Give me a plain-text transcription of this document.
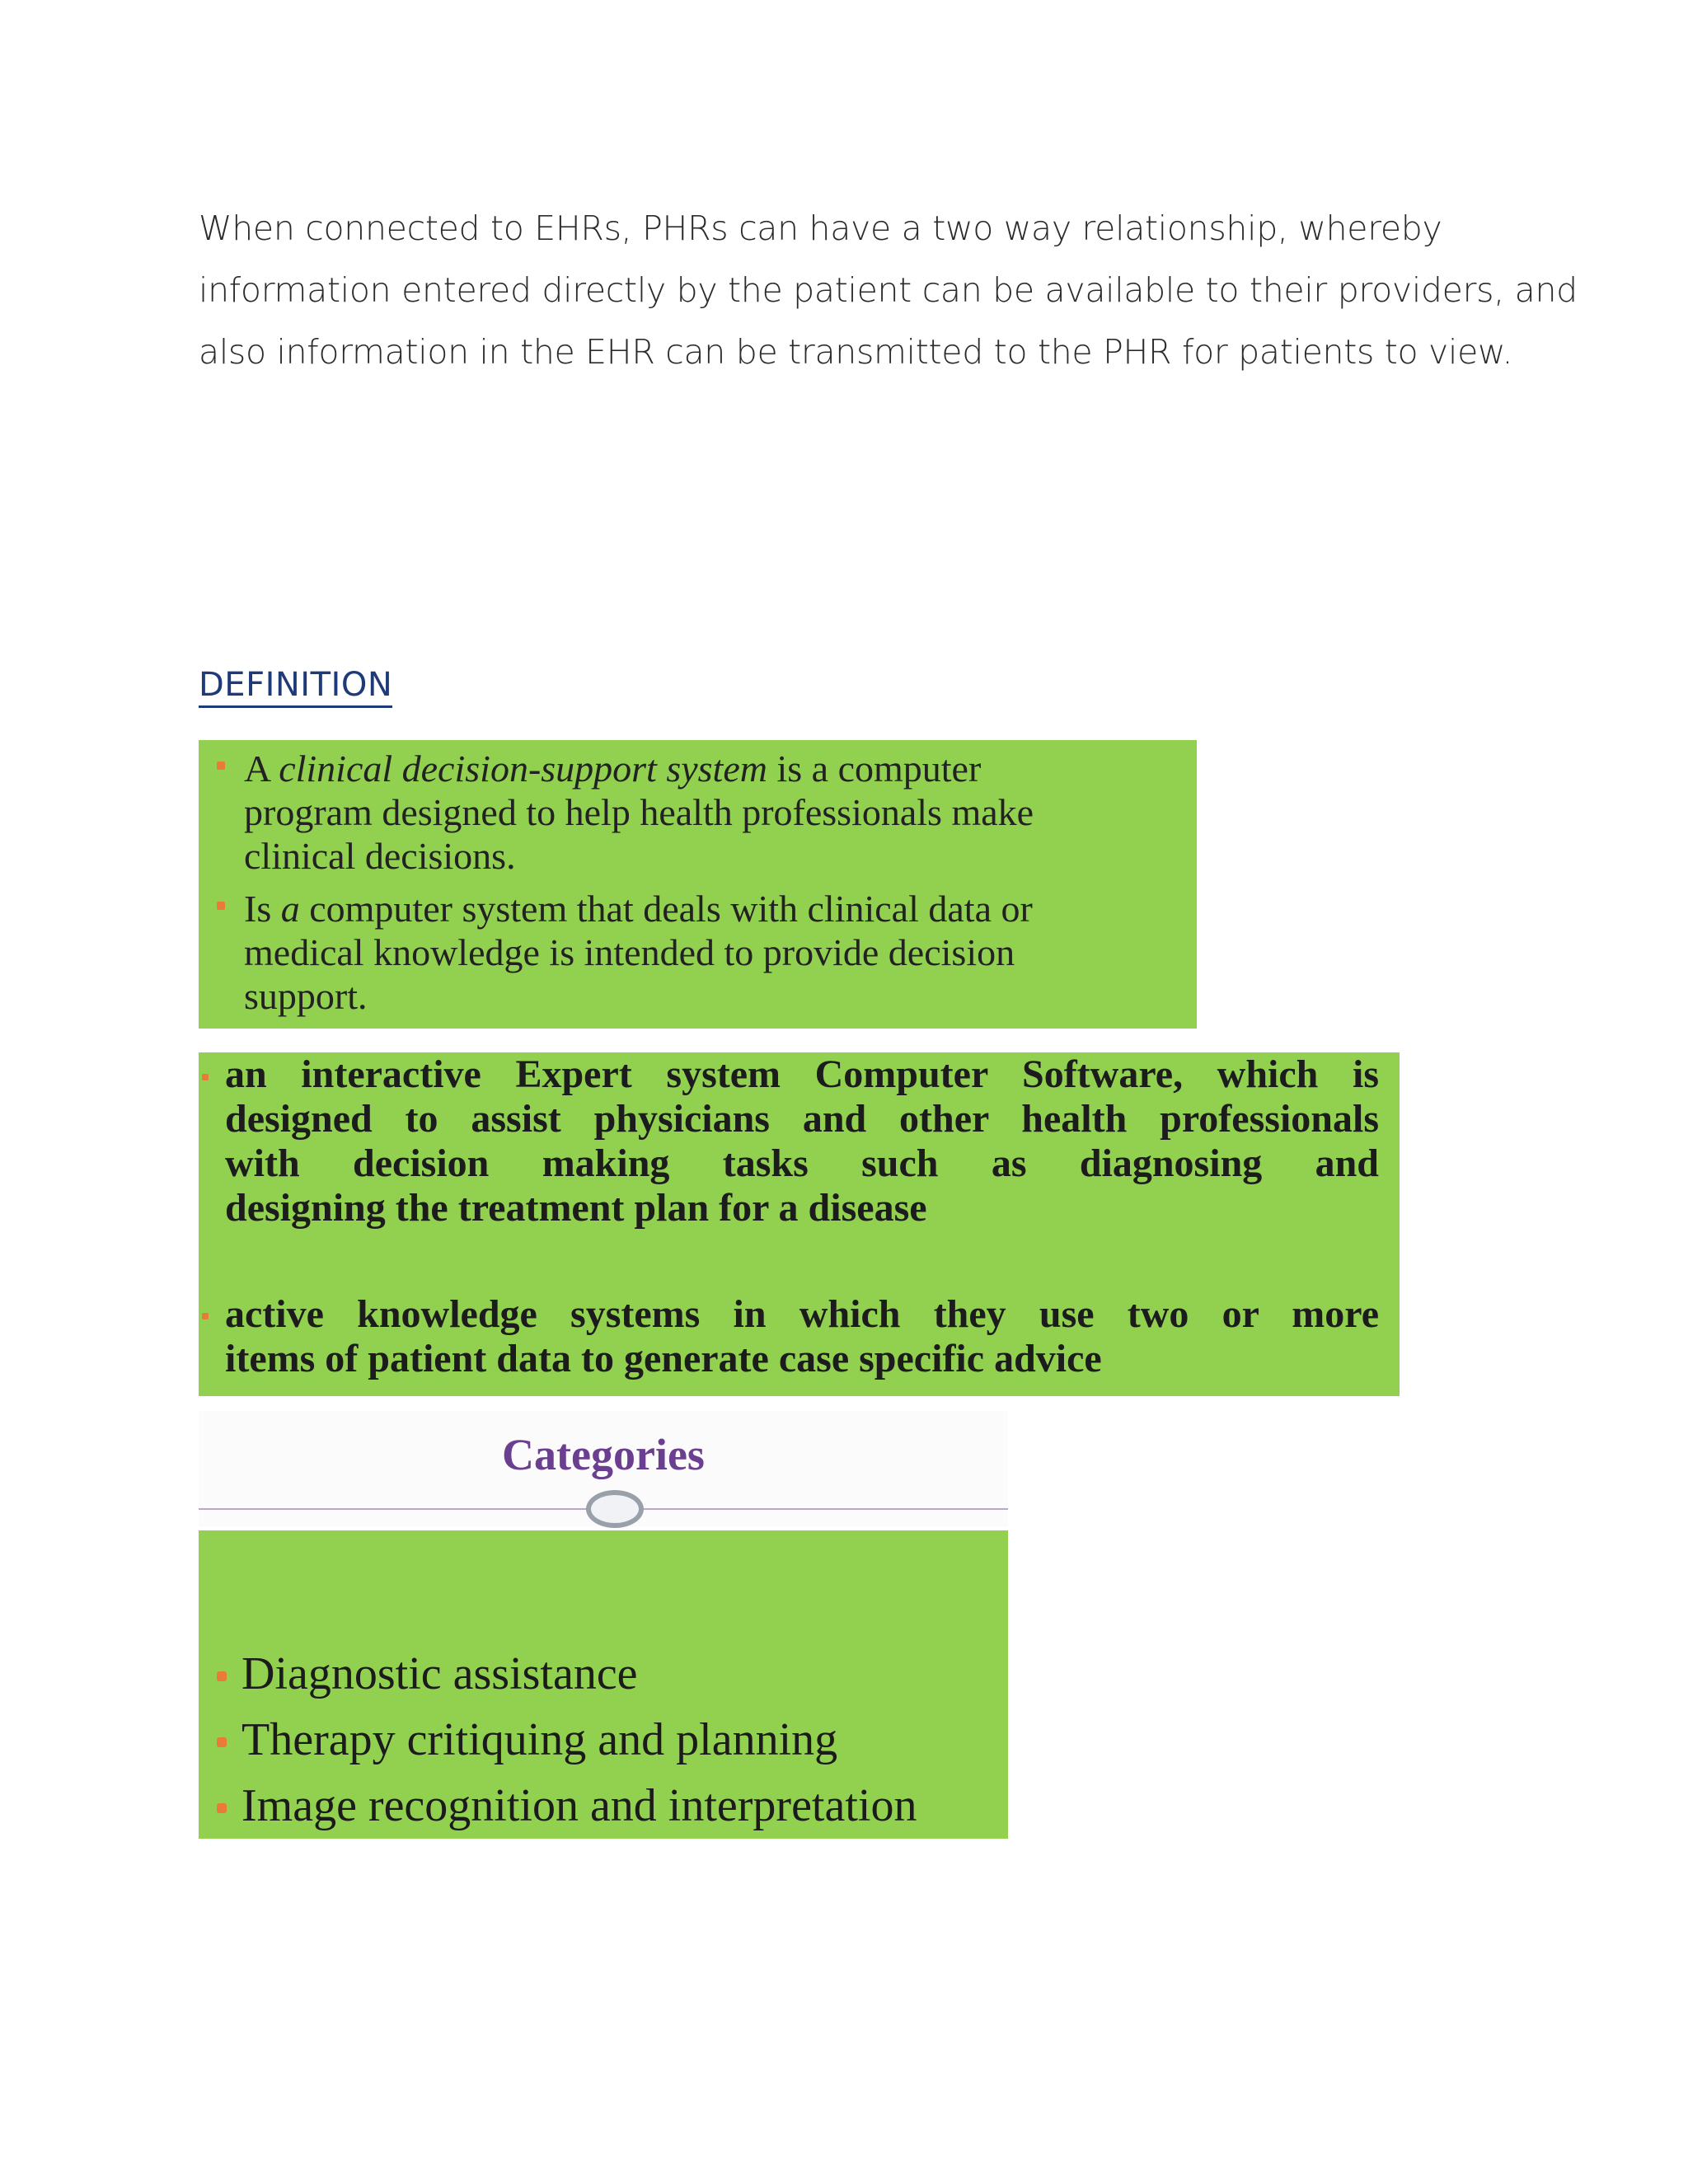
When connected to EHRs, PHRs can have a two way relationship, whereby
information entered directly by the patient can be available to their providers, and
also information in the EHR can be transmitted to the PHR for patients to view.
DEFINITION
A clinical decision-support system is a computer
program designed to help health professionals make
clinical decisions.
Is a computer system that deals with clinical data or
medical knowledge is intended to provide decision
support.
an interactive Expert system Computer Software, which is
designed to assist physicians and other health professionals
with decision making tasks such as diagnosing and
designing the treatment plan for a disease
active knowledge systems in which they use two or more
items of patient data to generate case specific advice
Categories
Diagnostic assistance
Therapy critiquing and planning
Image recognition and interpretation
